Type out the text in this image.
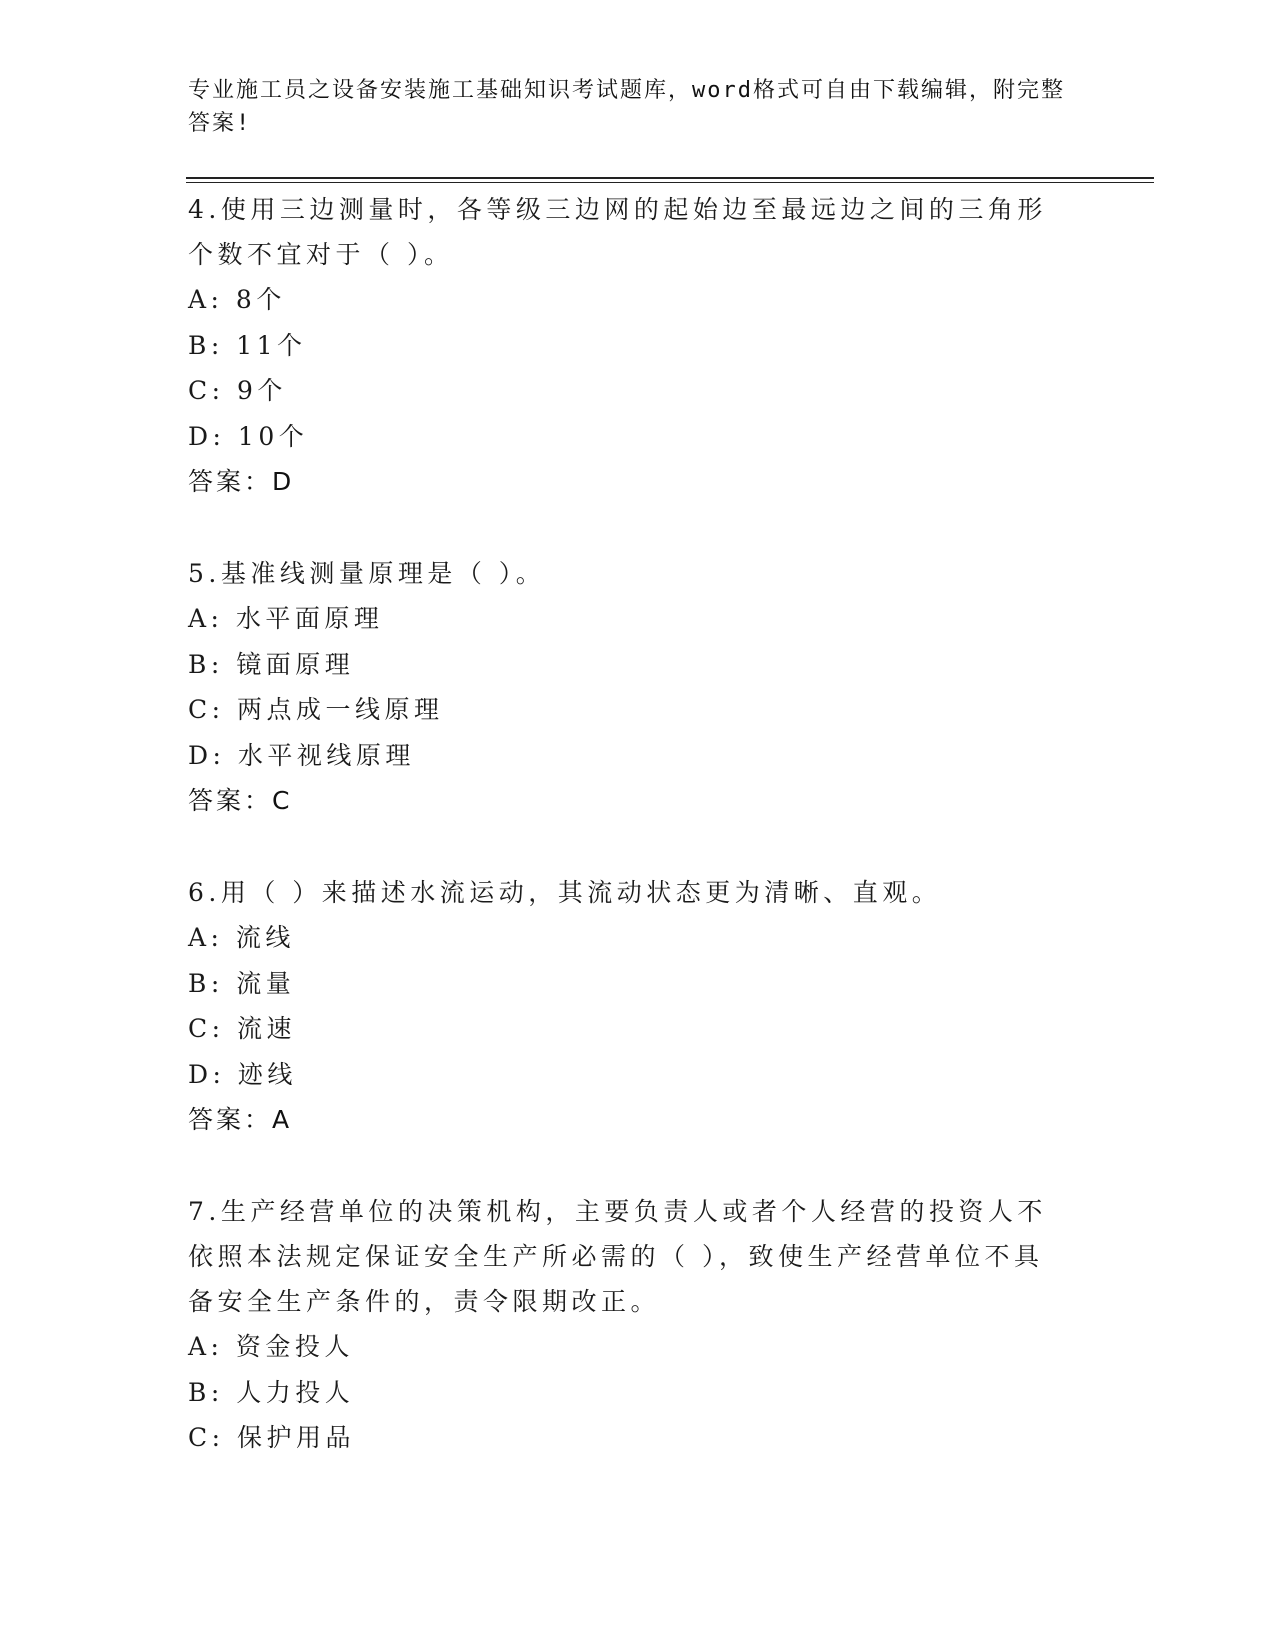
专业施工员之设备安装施工基础知识考试题库，word格式可自由下载编辑，附完整答案!

4.使用三边测量时，各等级三边网的起始边至最远边之间的三角形个数不宜对于（ ）。

A: 8个

B: 11个

C: 9个

D: 10个

答案：D

5.基准线测量原理是（ ）。

A: 水平面原理

B: 镜面原理

C: 两点成一线原理

D: 水平视线原理

答案：C

6.用（ ）来描述水流运动，其流动状态更为清晰、直观。

A: 流线

B: 流量

C: 流速

D: 迹线

答案：A

7.生产经营单位的决策机构，主要负责人或者个人经营的投资人不依照本法规定保证安全生产所必需的（ ），致使生产经营单位不具备安全生产条件的，责令限期改正。

A: 资金投人

B: 人力投人

C: 保护用品
